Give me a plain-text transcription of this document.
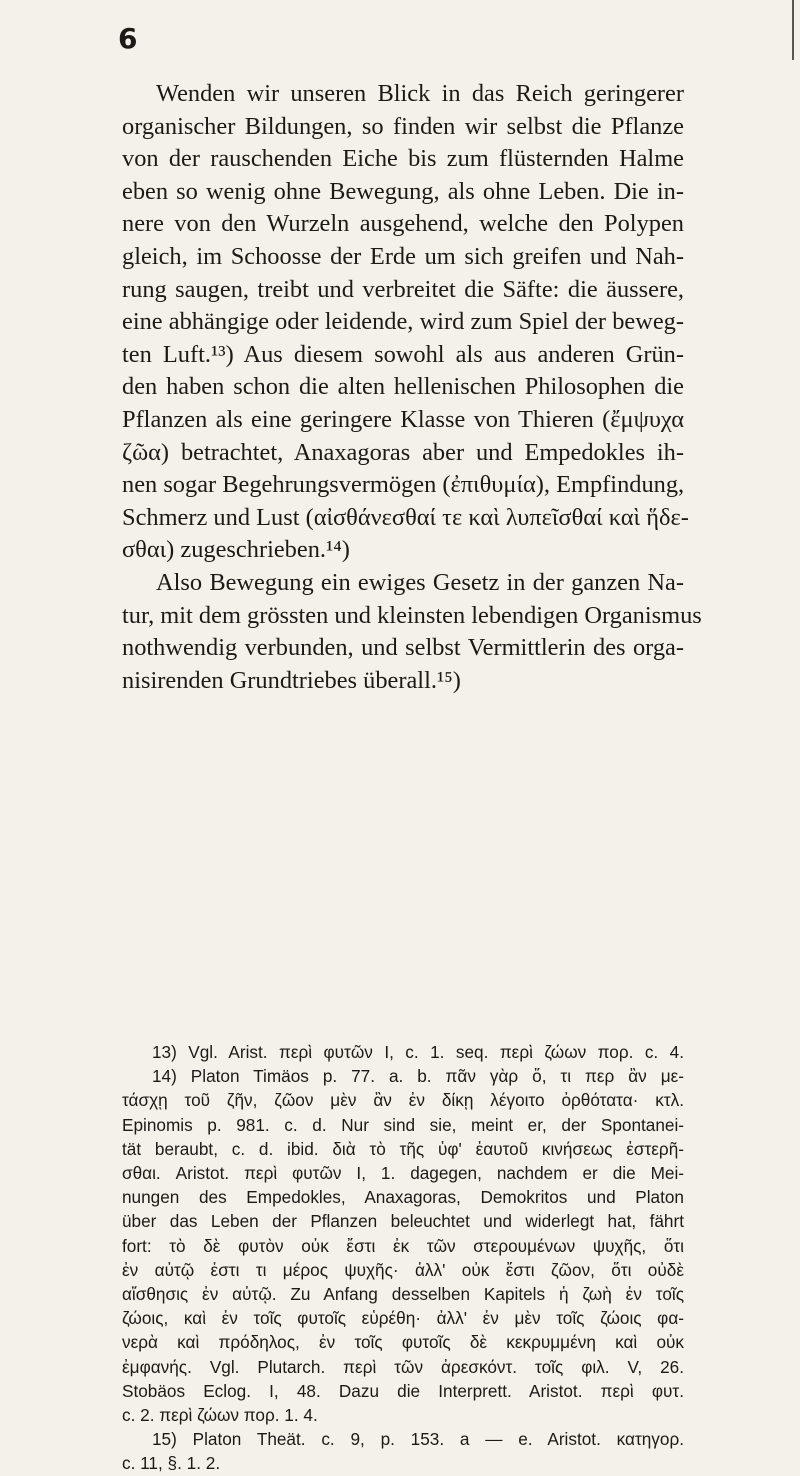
6
Wenden wir unseren Blick in das Reich geringerer
organischer Bildungen, so finden wir selbst die Pflanze
von der rauschenden Eiche bis zum flüsternden Halme
eben so wenig ohne Bewegung, als ohne Leben. Die in-
nere von den Wurzeln ausgehend, welche den Polypen
gleich, im Schoosse der Erde um sich greifen und Nah-
rung saugen, treibt und verbreitet die Säfte: die äussere,
eine abhängige oder leidende, wird zum Spiel der beweg-
ten Luft.¹³) Aus diesem sowohl als aus anderen Grün-
den haben schon die alten hellenischen Philosophen die
Pflanzen als eine geringere Klasse von Thieren (ἔμψυχα
ζῶα) betrachtet, Anaxagoras aber und Empedokles ih-
nen sogar Begehrungsvermögen (ἐπιθυμία), Empfindung,
Schmerz und Lust (αἰσθάνεσθαί τε καὶ λυπεῖσθαί καὶ ἥδε-
σθαι) zugeschrieben.¹⁴)
Also Bewegung ein ewiges Gesetz in der ganzen Na-
tur, mit dem grössten und kleinsten lebendigen Organismus
nothwendig verbunden, und selbst Vermittlerin des orga-
nisirenden Grundtriebes überall.¹⁵)
13) Vgl. Arist. περὶ φυτῶν I, c. 1. seq. περὶ ζώων πορ. c. 4.
14) Platon Timäos p. 77. a. b. πᾶν γὰρ ὅ, τι περ ἂν με-
τάσχῃ τοῦ ζῆν, ζῶον μὲν ἂν ἐν δίκῃ λέγοιτο ὀρθότατα· κτλ.
Epinomis p. 981. c. d. Nur sind sie, meint er, der Spontanei-
tät beraubt, c. d. ibid. διὰ τὸ τῆς ὑφ' ἑαυτοῦ κινήσεως ἐστερῆ-
σθαι. Aristot. περὶ φυτῶν I, 1. dagegen, nachdem er die Mei-
nungen des Empedokles, Anaxagoras, Demokritos und Platon
über das Leben der Pflanzen beleuchtet und widerlegt hat, fährt
fort: τὸ δὲ φυτὸν οὐκ ἔστι ἐκ τῶν στερουμένων ψυχῆς, ὅτι
ἐν αὐτῷ ἐστι τι μέρος ψυχῆς· ἀλλ' οὐκ ἔστι ζῶον, ὅτι οὐδὲ
αἴσθησις ἐν αὐτῷ. Zu Anfang desselben Kapitels ἡ ζωὴ ἐν τοῖς
ζώοις, καὶ ἐν τοῖς φυτοῖς εὑρέθη· ἀλλ' ἐν μὲν τοῖς ζώοις φα-
νερὰ καὶ πρόδηλος, ἐν τοῖς φυτοῖς δὲ κεκρυμμένη καὶ οὐκ
ἐμφανής. Vgl. Plutarch. περὶ τῶν ἀρεσκόντ. τοῖς φιλ. V, 26.
Stobäos Eclog. I, 48. Dazu die Interprett. Aristot. περὶ φυτ.
c. 2. περὶ ζώων πορ. 1. 4.
15) Platon Theät. c. 9, p. 153. a — e. Aristot. κατηγορ.
c. 11, §. 1. 2.
